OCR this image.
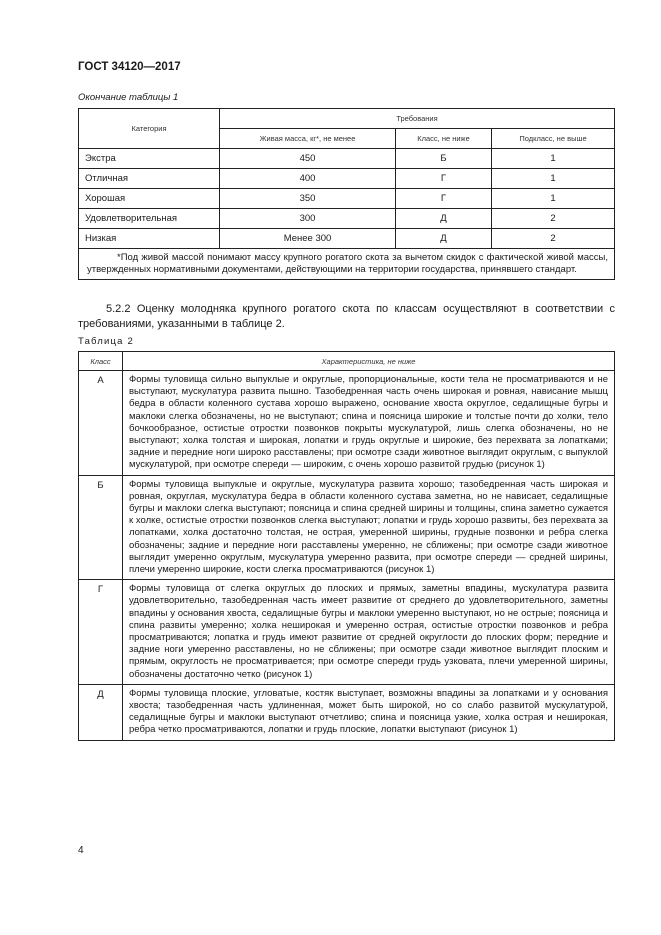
ГОСТ 34120—2017
Окончание таблицы 1
Категория	Требования		
	Живая масса, кг*, не менее	Класс, не ниже	Подкласс, не выше
Экстра	450	Б	1
Отличная	400	Г	1
Хорошая	350	Г	1
Удовлетворительная	300	Д	2
Низкая	Менее 300	Д	2
*Под живой массой понимают массу крупного рогатого скота за вычетом скидок с фактической живой массы, утвержденных нормативными документами, действующими на территории государства, принявшего стандарт.			
5.2.2 Оценку молодняка крупного рогатого скота по классам осуществляют в соответствии с требованиями, указанными в таблице 2.
Таблица 2
Класс	Характеристика, не ниже
А	Формы туловища сильно выпуклые и округлые, пропорциональные, кости тела не просматриваются и не выступают, мускулатура развита пышно. Тазобедренная часть очень широкая и ровная, нависание мышц бедра в области коленного сустава хорошо выражено, основание хвоста округлое, седалищные бугры и маклоки слегка обозначены, но не выступают; спина и поясница широкие и толстые почти до холки, тело бочкообразное, остистые отростки позвонков покрыты мускулатурой, лишь слегка обозначены, но не выступают; холка толстая и широкая, лопатки и грудь округлые и широкие, без перехвата за лопатками; задние и передние ноги широко расставлены; при осмотре сзади животное выглядит округлым, с выпуклой мускулатурой, при осмотре спереди — широким, с очень хорошо развитой грудью (рисунок 1)
Б	Формы туловища выпуклые и округлые, мускулатура развита хорошо; тазобедренная часть широкая и ровная, округлая, мускулатура бедра в области коленного сустава заметна, но не нависает, седалищные бугры и маклоки слегка выступают; поясница и спина средней ширины и толщины, спина заметно сужается к холке, остистые отростки позвонков слегка выступают; лопатки и грудь хорошо развиты, без перехвата за лопатками, холка достаточно толстая, не острая, умеренной ширины, грудные позвонки и ребра слегка обозначены; задние и передние ноги расставлены умеренно, не сближены; при осмотре сзади животное выглядит умеренно округлым, мускулатура умеренно развита, при осмотре спереди — средней ширины, плечи умеренно широкие, кости слегка просматриваются (рисунок 1)
Г	Формы туловища от слегка округлых до плоских и прямых, заметны впадины, мускулатура развита удовлетворительно, тазобедренная часть имеет развитие от среднего до удовлетворительного, заметны впадины у основания хвоста, седалищные бугры и маклоки умеренно выступают, но не острые; поясница и спина развиты умеренно; холка неширокая и умеренно острая, остистые отростки позвонков и ребра просматриваются; лопатка и грудь имеют развитие от средней округлости до плоских форм; передние и задние ноги умеренно расставлены, но не сближены; при осмотре сзади животное выглядит плоским и прямым, округлость не просматривается; при осмотре спереди грудь узковата, плечи умеренной ширины, обозначены достаточно четко (рисунок 1)
Д	Формы туловища плоские, угловатые, костяк выступает, возможны впадины за лопатками и у основания хвоста; тазобедренная часть удлиненная, может быть широкой, но со слабо развитой мускулатурой, седалищные бугры и маклоки выступают отчетливо; спина и поясница узкие, холка острая и неширокая, ребра четко просматриваются, лопатки и грудь плоские, лопатки выступают (рисунок 1)
4
